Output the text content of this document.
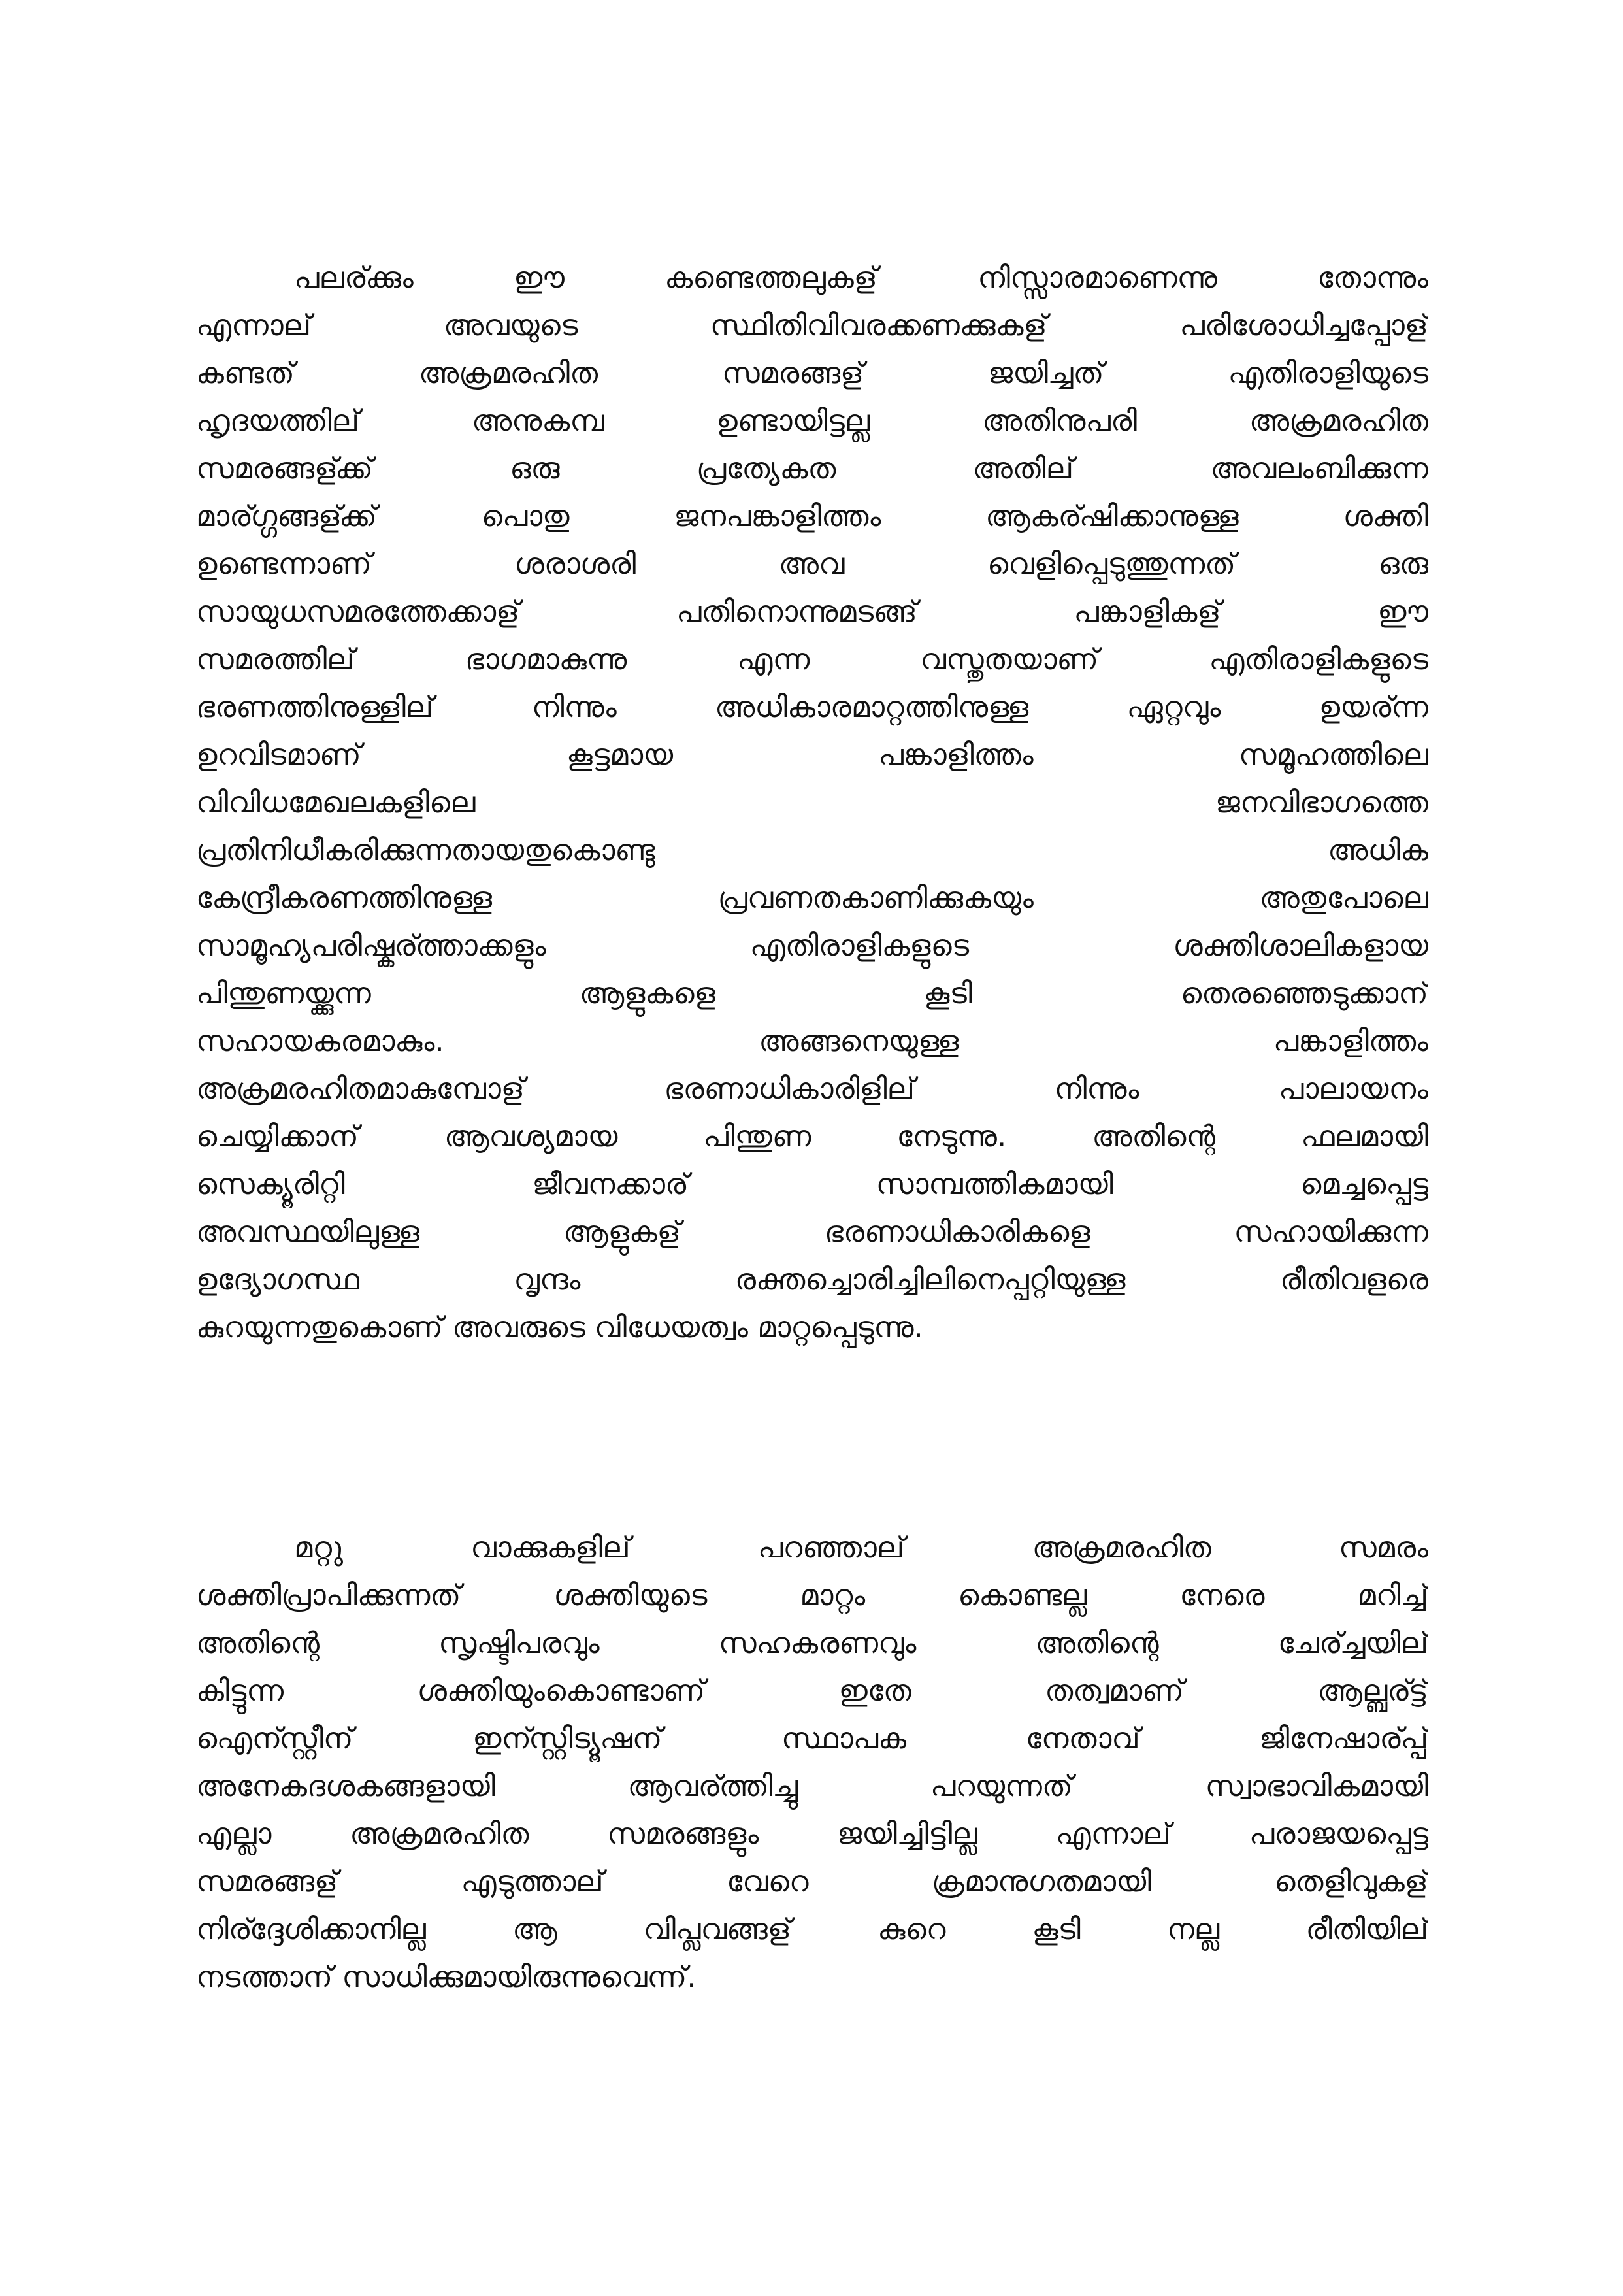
പലര്ക്കും ഈ കണ്ടെത്തലുകള് നിസ്സാരമാണെന്നു തോന്നും
എന്നാല് അവയുടെ സ്ഥിതിവിവരക്കണക്കുകള് പരിശോധിച്ചപ്പോള്
കണ്ടത് അക്രമരഹിത സമരങ്ങള് ജയിച്ചത് എതിരാളിയുടെ
ഹൃദയത്തില് അനുകമ്പ ഉണ്ടായിട്ടല്ല അതിനുപരി അക്രമരഹിത
സമരങ്ങള്ക്ക് ഒരു പ്രത്യേകത അതില് അവലംബിക്കുന്ന
മാര്ഗ്ഗങ്ങള്ക്ക് പൊതു ജനപങ്കാളിത്തം ആകര്ഷിക്കാനുള്ള ശക്തി
ഉണ്ടെന്നാണ് ശരാശരി അവ വെളിപ്പെടുത്തുന്നത് ഒരു
സായുധസമരത്തേക്കാള് പതിനൊന്നുമടങ്ങ് പങ്കാളികള് ഈ
സമരത്തില് ഭാഗമാകുന്നു എന്ന വസ്തുതയാണ് എതിരാളികളുടെ
ഭരണത്തിനുള്ളില് നിന്നും അധികാരമാറ്റത്തിനുള്ള ഏറ്റവും ഉയര്ന്ന
ഉറവിടമാണ് കൂട്ടമായ പങ്കാളിത്തം സമൂഹത്തിലെ
വിവിധമേഖലകളിലെ ജനവിഭാഗത്തെ
പ്രതിനിധീകരിക്കുന്നതായതുകൊണ്ടു അധിക
കേന്ദ്രീകരണത്തിനുള്ള പ്രവണതകാണിക്കുകയും അതുപോലെ
സാമൂഹ്യപരിഷ്കര്ത്താക്കളും എതിരാളികളുടെ ശക്തിശാലികളായ
പിന്തുണയ്ക്കുന്ന ആളുകളെ കൂടി തെരഞ്ഞെടുക്കാന്
സഹായകരമാകും. അങ്ങനെയുള്ള പങ്കാളിത്തം
അക്രമരഹിതമാകുമ്പോള് ഭരണാധികാരിളില് നിന്നും പാലായനം
ചെയ്യിക്കാന് ആവശ്യമായ പിന്തുണ നേടുന്നു. അതിന്റെ ഫലമായി
സെക്യൂരിറ്റി ജീവനക്കാര് സാമ്പത്തികമായി മെച്ചപ്പെട്ട
അവസ്ഥയിലുള്ള ആളുകള് ഭരണാധികാരികളെ സഹായിക്കുന്ന
ഉദ്യോഗസ്ഥ വൃന്ദം രക്തച്ചൊരിച്ചിലിനെപ്പറ്റിയുള്ള രീതിവളരെ
കുറയുന്നതുകൊണ് അവരുടെ വിധേയത്വം മാറ്റപ്പെടുന്നു.
മറ്റു വാക്കുകളില് പറഞ്ഞാല് അക്രമരഹിത സമരം
ശക്തിപ്രാപിക്കുന്നത് ശക്തിയുടെ മാറ്റം കൊണ്ടല്ല നേരെ മറിച്ച്
അതിന്റെ സൃഷ്ടിപരവും സഹകരണവും അതിന്റെ ചേര്ച്ചയില്
കിട്ടുന്ന ശക്തിയുംകൊണ്ടാണ് ഇതേ തത്വമാണ് ആല്ബര്ട്ട്
ഐന്സ്റ്റീന് ഇന്സ്റ്റിട്യൂഷന് സ്ഥാപക നേതാവ് ജിനേഷാര്പ്പ്
അനേകദശകങ്ങളായി ആവര്ത്തിച്ചു പറയുന്നത് സ്വാഭാവികമായി
എല്ലാ അക്രമരഹിത സമരങ്ങളും ജയിച്ചിട്ടില്ല എന്നാല് പരാജയപ്പെട്ട
സമരങ്ങള് എടുത്താല് വേറെ ക്രമാനുഗതമായി തെളിവുകള്
നിര്ദ്ദേശിക്കാനില്ല ആ വിപ്ലവങ്ങള് കുറെ കൂടി നല്ല രീതിയില്
നടത്താന് സാധിക്കുമായിരുന്നുവെന്ന്.
